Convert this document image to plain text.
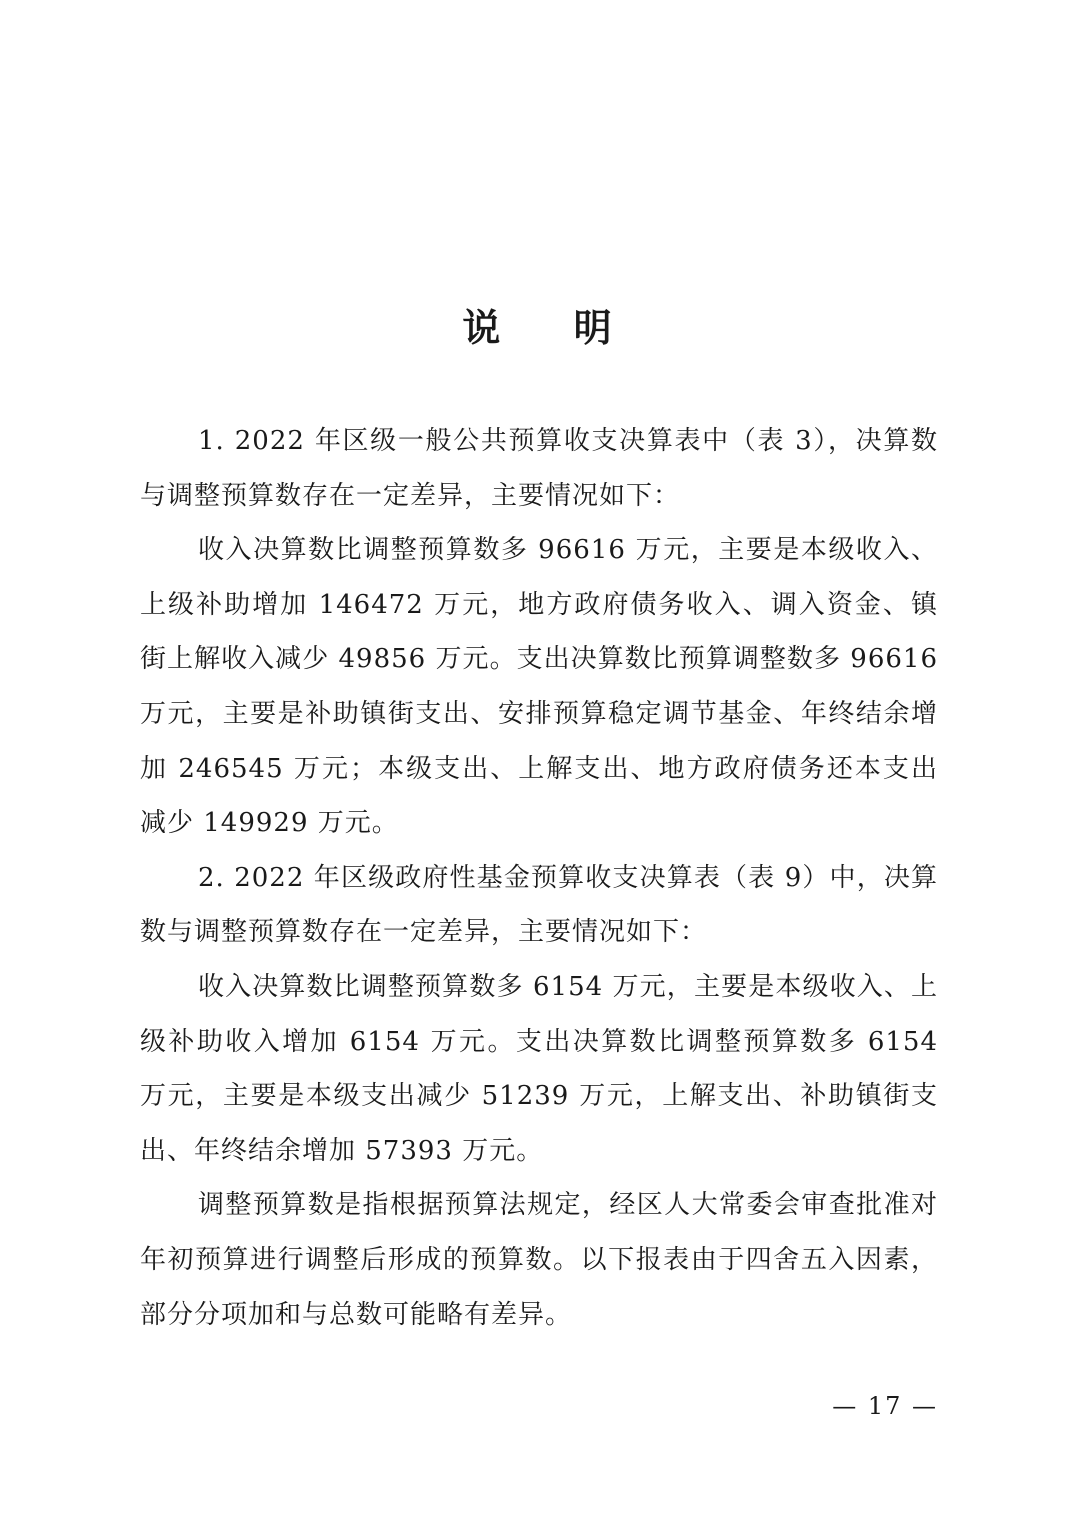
说 明

1. 2022 年区级一般公共预算收支决算表中（表 3），决算数与调整预算数存在一定差异，主要情况如下：

收入决算数比调整预算数多 96616 万元，主要是本级收入、上级补助增加 146472 万元，地方政府债务收入、调入资金、镇街上解收入减少 49856 万元。支出决算数比预算调整数多 96616 万元，主要是补助镇街支出、安排预算稳定调节基金、年终结余增加 246545 万元；本级支出、上解支出、地方政府债务还本支出减少 149929 万元。

2. 2022 年区级政府性基金预算收支决算表（表 9）中，决算数与调整预算数存在一定差异，主要情况如下：

收入决算数比调整预算数多 6154 万元，主要是本级收入、上级补助收入增加 6154 万元。支出决算数比调整预算数多 6154 万元，主要是本级支出减少 51239 万元，上解支出、补助镇街支出、年终结余增加 57393 万元。

调整预算数是指根据预算法规定，经区人大常委会审查批准对年初预算进行调整后形成的预算数。以下报表由于四舍五入因素，部分分项加和与总数可能略有差异。

— 17 —
